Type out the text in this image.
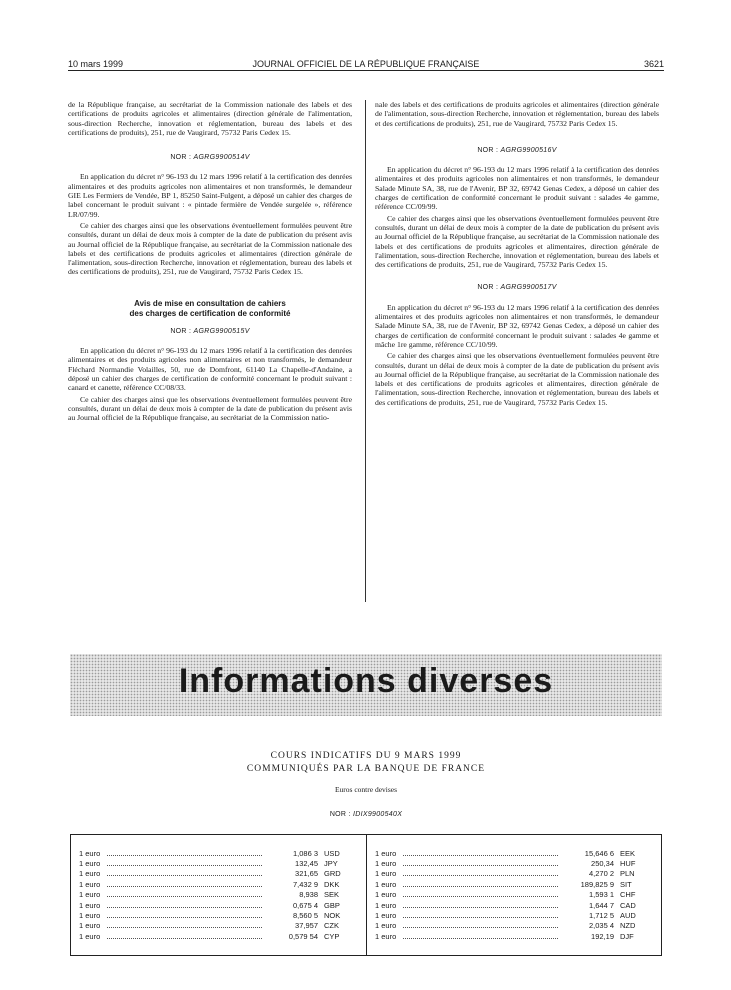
10 mars 1999	JOURNAL OFFICIEL DE LA RÉPUBLIQUE FRANÇAISE	3621

de la République française, au secrétariat de la Commission nationale des labels et des certifications de produits agricoles et alimentaires (direction générale de l'alimentation, sous-direction Recherche, innovation et réglementation, bureau des labels et des certifications de produits), 251, rue de Vaugirard, 75732 Paris Cedex 15.

NOR : AGRG9900514V

En application du décret n° 96-193 du 12 mars 1996 relatif à la certification des denrées alimentaires et des produits agricoles non alimentaires et non transformés, le demandeur GIE Les Fermiers de Vendée, BP 1, 85250 Saint-Fulgent, a déposé un cahier des charges de label concernant le produit suivant : « pintade fermière de Vendée surgelée », référence LR/07/99.

Ce cahier des charges ainsi que les observations éventuellement formulées peuvent être consultés, durant un délai de deux mois à compter de la date de publication du présent avis au Journal officiel de la République française, au secrétariat de la Commission nationale des labels et des certifications de produits agricoles et alimentaires (direction générale de l'alimentation, sous-direction Recherche, innovation et réglementation, bureau des labels et des certifications de produits), 251, rue de Vaugirard, 75732 Paris Cedex 15.

Avis de mise en consultation de cahiers
des charges de certification de conformité
NOR : AGRG9900515V

En application du décret n° 96-193 du 12 mars 1996 relatif à la certification des denrées alimentaires et des produits agricoles non alimentaires et non transformés, le demandeur Fléchard Normandie Volailles, 50, rue de Domfront, 61140 La Chapelle-d'Andaine, a déposé un cahier des charges de certification de conformité concernant le produit suivant : canard et canette, référence CC/08/33.

Ce cahier des charges ainsi que les observations éventuellement formulées peuvent être consultés, durant un délai de deux mois à compter de la date de publication du présent avis au Journal officiel de la République française, au secrétariat de la Commission natio-

nale des labels et des certifications de produits agricoles et alimentaires (direction générale de l'alimentation, sous-direction Recherche, innovation et réglementation, bureau des labels et des certifications de produits), 251, rue de Vaugirard, 75732 Paris Cedex 15.

NOR : AGRG9900516V

En application du décret n° 96-193 du 12 mars 1996 relatif à la certification des denrées alimentaires et des produits agricoles non alimentaires et non transformés, le demandeur Salade Minute SA, 38, rue de l'Avenir, BP 32, 69742 Genas Cedex, a déposé un cahier des charges de certification de conformité concernant le produit suivant : salades 4e gamme, référence CC/09/99.

Ce cahier des charges ainsi que les observations éventuellement formulées peuvent être consultés, durant un délai de deux mois à compter de la date de publication du présent avis au Journal officiel de la République française, au secrétariat de la Commission nationale des labels et des certifications de produits agricoles et alimentaires, direction générale de l'alimentation, sous-direction Recherche, innovation et réglementation, bureau des labels et des certifications de produits, 251, rue de Vaugirard, 75732 Paris Cedex 15.

NOR : AGRG9900517V

En application du décret n° 96-193 du 12 mars 1996 relatif à la certification des denrées alimentaires et des produits agricoles non alimentaires et non transformés, le demandeur Salade Minute SA, 38, rue de l'Avenir, BP 32, 69742 Genas Cedex, a déposé un cahier des charges de certification de conformité concernant le produit suivant : salades 4e gamme et mâche 1re gamme, référence CC/10/99.

Ce cahier des charges ainsi que les observations éventuellement formulées peuvent être consultés, durant un délai de deux mois à compter de la date de publication du présent avis au Journal officiel de la République française, au secrétariat de la Commission nationale des labels et des certifications de produits agricoles et alimentaires, direction générale de l'alimentation, sous-direction Recherche, innovation et réglementation, bureau des labels et des certifications de produits, 251, rue de Vaugirard, 75732 Paris Cedex 15.

Informations diverses
COURS INDICATIFS DU 9 MARS 1999
COMMUNIQUÉS PAR LA BANQUE DE FRANCE
Euros contre devises
NOR : IDIX9900540X
1 euro	1,086 3 USD
1 euro	132,45 JPY
1 euro	321,65 GRD
1 euro	7,432 9 DKK
1 euro	8,938 SEK
1 euro	0,675 4 GBP
1 euro	8,560 5 NOK
1 euro	37,957 CZK
1 euro	0,579 54 CYP
1 euro	15,646 6 EEK
1 euro	250,34 HUF
1 euro	4,270 2 PLN
1 euro	189,825 9 SIT
1 euro	1,593 1 CHF
1 euro	1,644 7 CAD
1 euro	1,712 5 AUD
1 euro	2,035 4 NZD
1 euro	192,19 DJF
